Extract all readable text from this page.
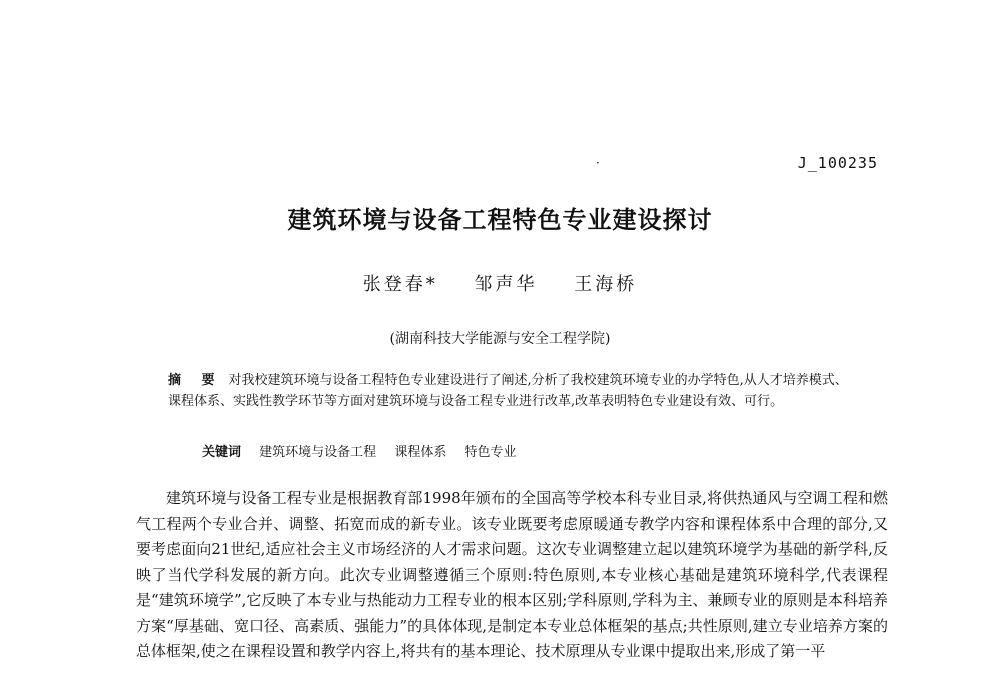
·	J_100235
建筑环境与设备工程特色专业建设探讨
张登春* 邹声华 王海桥
(湖南科技大学能源与安全工程学院)
摘 要 对我校建筑环境与设备工程特色专业建设进行了阐述,分析了我校建筑环境专业的办学特色,从人才培养模式、课程体系、实践性教学环节等方面对建筑环境与设备工程专业进行改革,改革表明特色专业建设有效、可行。
关键词 建筑环境与设备工程 课程体系 特色专业
建筑环境与设备工程专业是根据教育部1998年颁布的全国高等学校本科专业目录,将供热通风与空调工程和燃气工程两个专业合并、调整、拓宽而成的新专业。该专业既要考虑原暖通专教学内容和课程体系中合理的部分,又要考虑面向21世纪,适应社会主义市场经济的人才需求问题。这次专业调整建立起以建筑环境学为基础的新学科,反映了当代学科发展的新方向。此次专业调整遵循三个原则:特色原则,本专业核心基础是建筑环境科学,代表课程是“建筑环境学”,它反映了本专业与热能动力工程专业的根本区别;学科原则,学科为主、兼顾专业的原则是本科培养方案“厚基础、宽口径、高素质、强能力”的具体体现,是制定本专业总体框架的基点;共性原则,建立专业培养方案的总体框架,使之在课程设置和教学内容上,将共有的基本理论、技术原理从专业课中提取出来,形成了第一平
